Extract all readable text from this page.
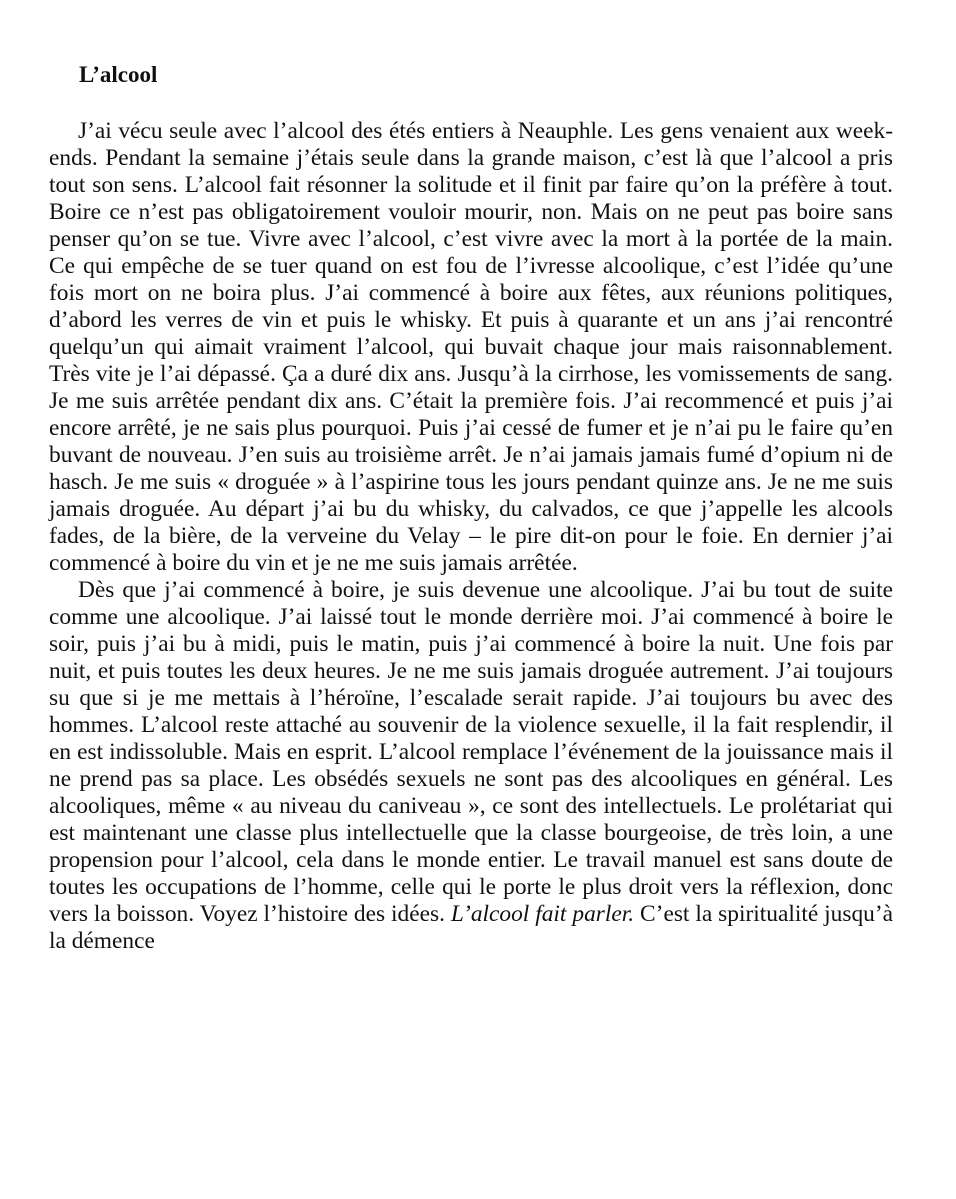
L’alcool

J’ai vécu seule avec l’alcool des étés entiers à Neauphle. Les gens venaient aux week-ends. Pendant la semaine j’étais seule dans la grande maison, c’est là que l’alcool a pris tout son sens. L’alcool fait résonner la solitude et il finit par faire qu’on la préfère à tout. Boire ce n’est pas obligatoirement vouloir mourir, non. Mais on ne peut pas boire sans penser qu’on se tue. Vivre avec l’alcool, c’est vivre avec la mort à la portée de la main. Ce qui empêche de se tuer quand on est fou de l’ivresse alcoolique, c’est l’idée qu’une fois mort on ne boira plus. J’ai commencé à boire aux fêtes, aux réunions politiques, d’abord les verres de vin et puis le whisky. Et puis à quarante et un ans j’ai rencontré quelqu’un qui aimait vraiment l’alcool, qui buvait chaque jour mais raisonnablement. Très vite je l’ai dépassé. Ça a duré dix ans. Jusqu’à la cirrhose, les vomissements de sang. Je me suis arrêtée pendant dix ans. C’était la première fois. J’ai recommencé et puis j’ai encore arrêté, je ne sais plus pourquoi. Puis j’ai cessé de fumer et je n’ai pu le faire qu’en buvant de nouveau. J’en suis au troisième arrêt. Je n’ai jamais jamais fumé d’opium ni de hasch. Je me suis « droguée » à l’aspirine tous les jours pendant quinze ans. Je ne me suis jamais droguée. Au départ j’ai bu du whisky, du calvados, ce que j’appelle les alcools fades, de la bière, de la verveine du Velay – le pire dit-on pour le foie. En dernier j’ai commencé à boire du vin et je ne me suis jamais arrêtée.

Dès que j’ai commencé à boire, je suis devenue une alcoolique. J’ai bu tout de suite comme une alcoolique. J’ai laissé tout le monde derrière moi. J’ai commencé à boire le soir, puis j’ai bu à midi, puis le matin, puis j’ai commencé à boire la nuit. Une fois par nuit, et puis toutes les deux heures. Je ne me suis jamais droguée autrement. J’ai toujours su que si je me mettais à l’héroïne, l’escalade serait rapide. J’ai toujours bu avec des hommes. L’alcool reste attaché au souvenir de la violence sexuelle, il la fait resplendir, il en est indissoluble. Mais en esprit. L’alcool remplace l’événement de la jouissance mais il ne prend pas sa place. Les obsédés sexuels ne sont pas des alcooliques en général. Les alcooliques, même « au niveau du caniveau », ce sont des intellectuels. Le prolétariat qui est maintenant une classe plus intellectuelle que la classe bourgeoise, de très loin, a une propension pour l’alcool, cela dans le monde entier. Le travail manuel est sans doute de toutes les occupations de l’homme, celle qui le porte le plus droit vers la réflexion, donc vers la boisson. Voyez l’histoire des idées. L’alcool fait parler. C’est la spiritualité jusqu’à la démence
